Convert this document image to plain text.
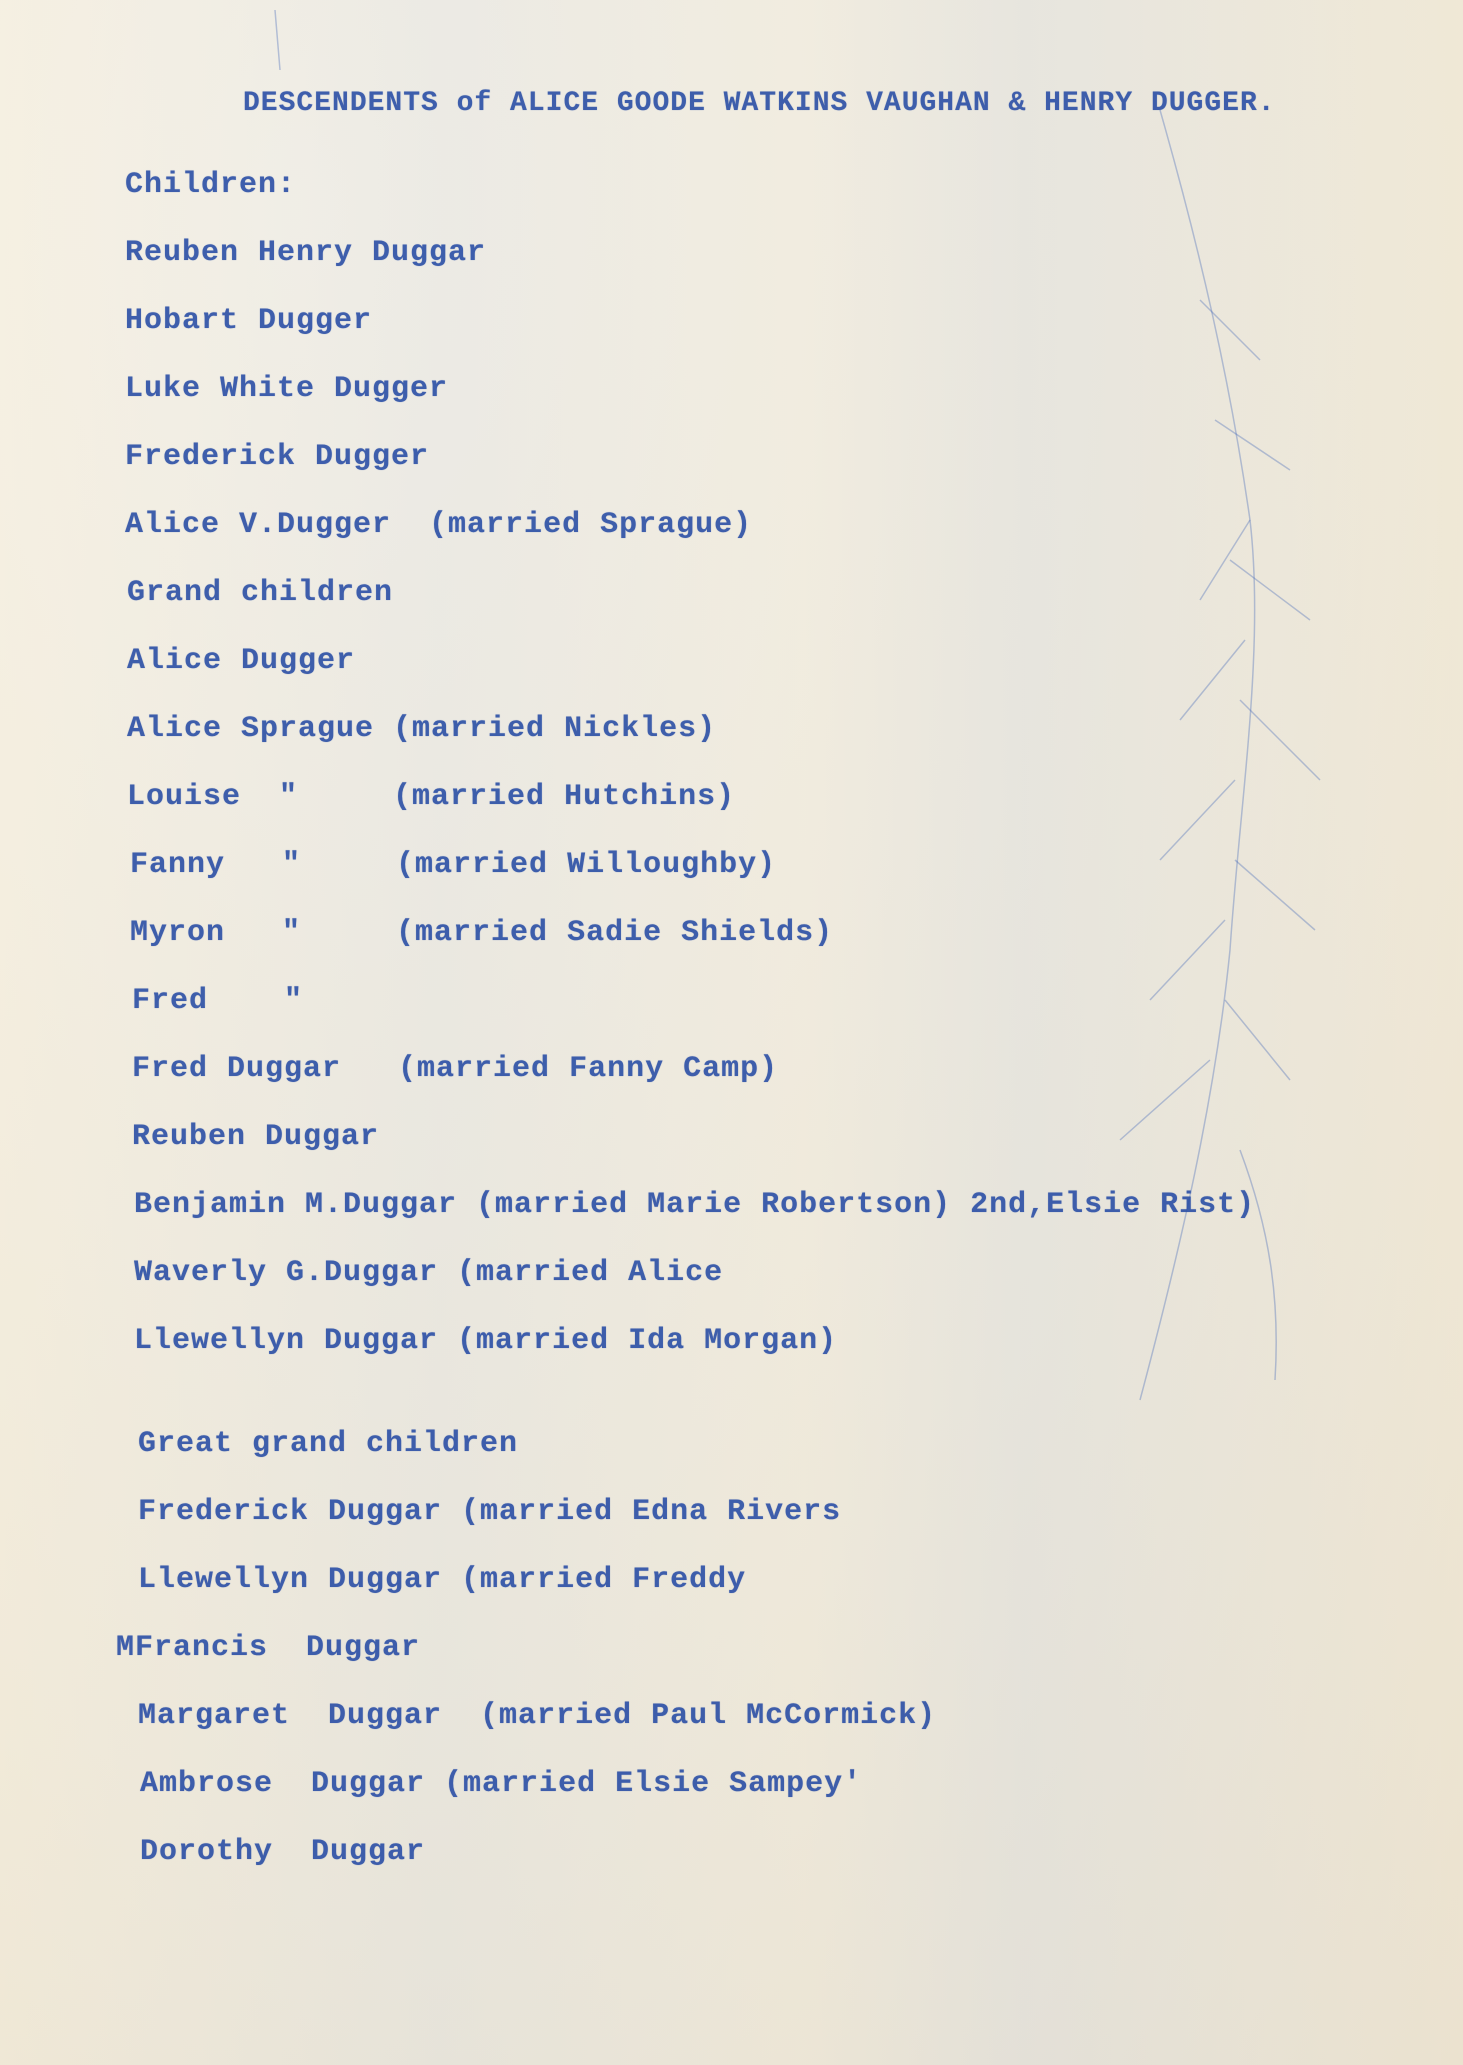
DESCENDENTS of ALICE GOODE WATKINS VAUGHAN & HENRY DUGGER.
Children:
Reuben Henry Duggar
Hobart Dugger
Luke White Dugger
Frederick Dugger
Alice V.Dugger  (married Sprague)
Grand children
Alice Dugger
Alice Sprague (married Nickles)
Louise  "     (married Hutchins)
Fanny   "     (married Willoughby)
Myron   "     (married Sadie Shields)
Fred    "
Fred Duggar   (married Fanny Camp)
Reuben Duggar
Benjamin M.Duggar (married Marie Robertson) 2nd,Elsie Rist)
Waverly G.Duggar (married Alice
Llewellyn Duggar (married Ida Morgan)
Great grand children
Frederick Duggar (married Edna Rivers
Llewellyn Duggar (married Freddy
MFrancis  Duggar
Margaret  Duggar  (married Paul McCormick)
Ambrose  Duggar (married Elsie Sampey'
Dorothy  Duggar
